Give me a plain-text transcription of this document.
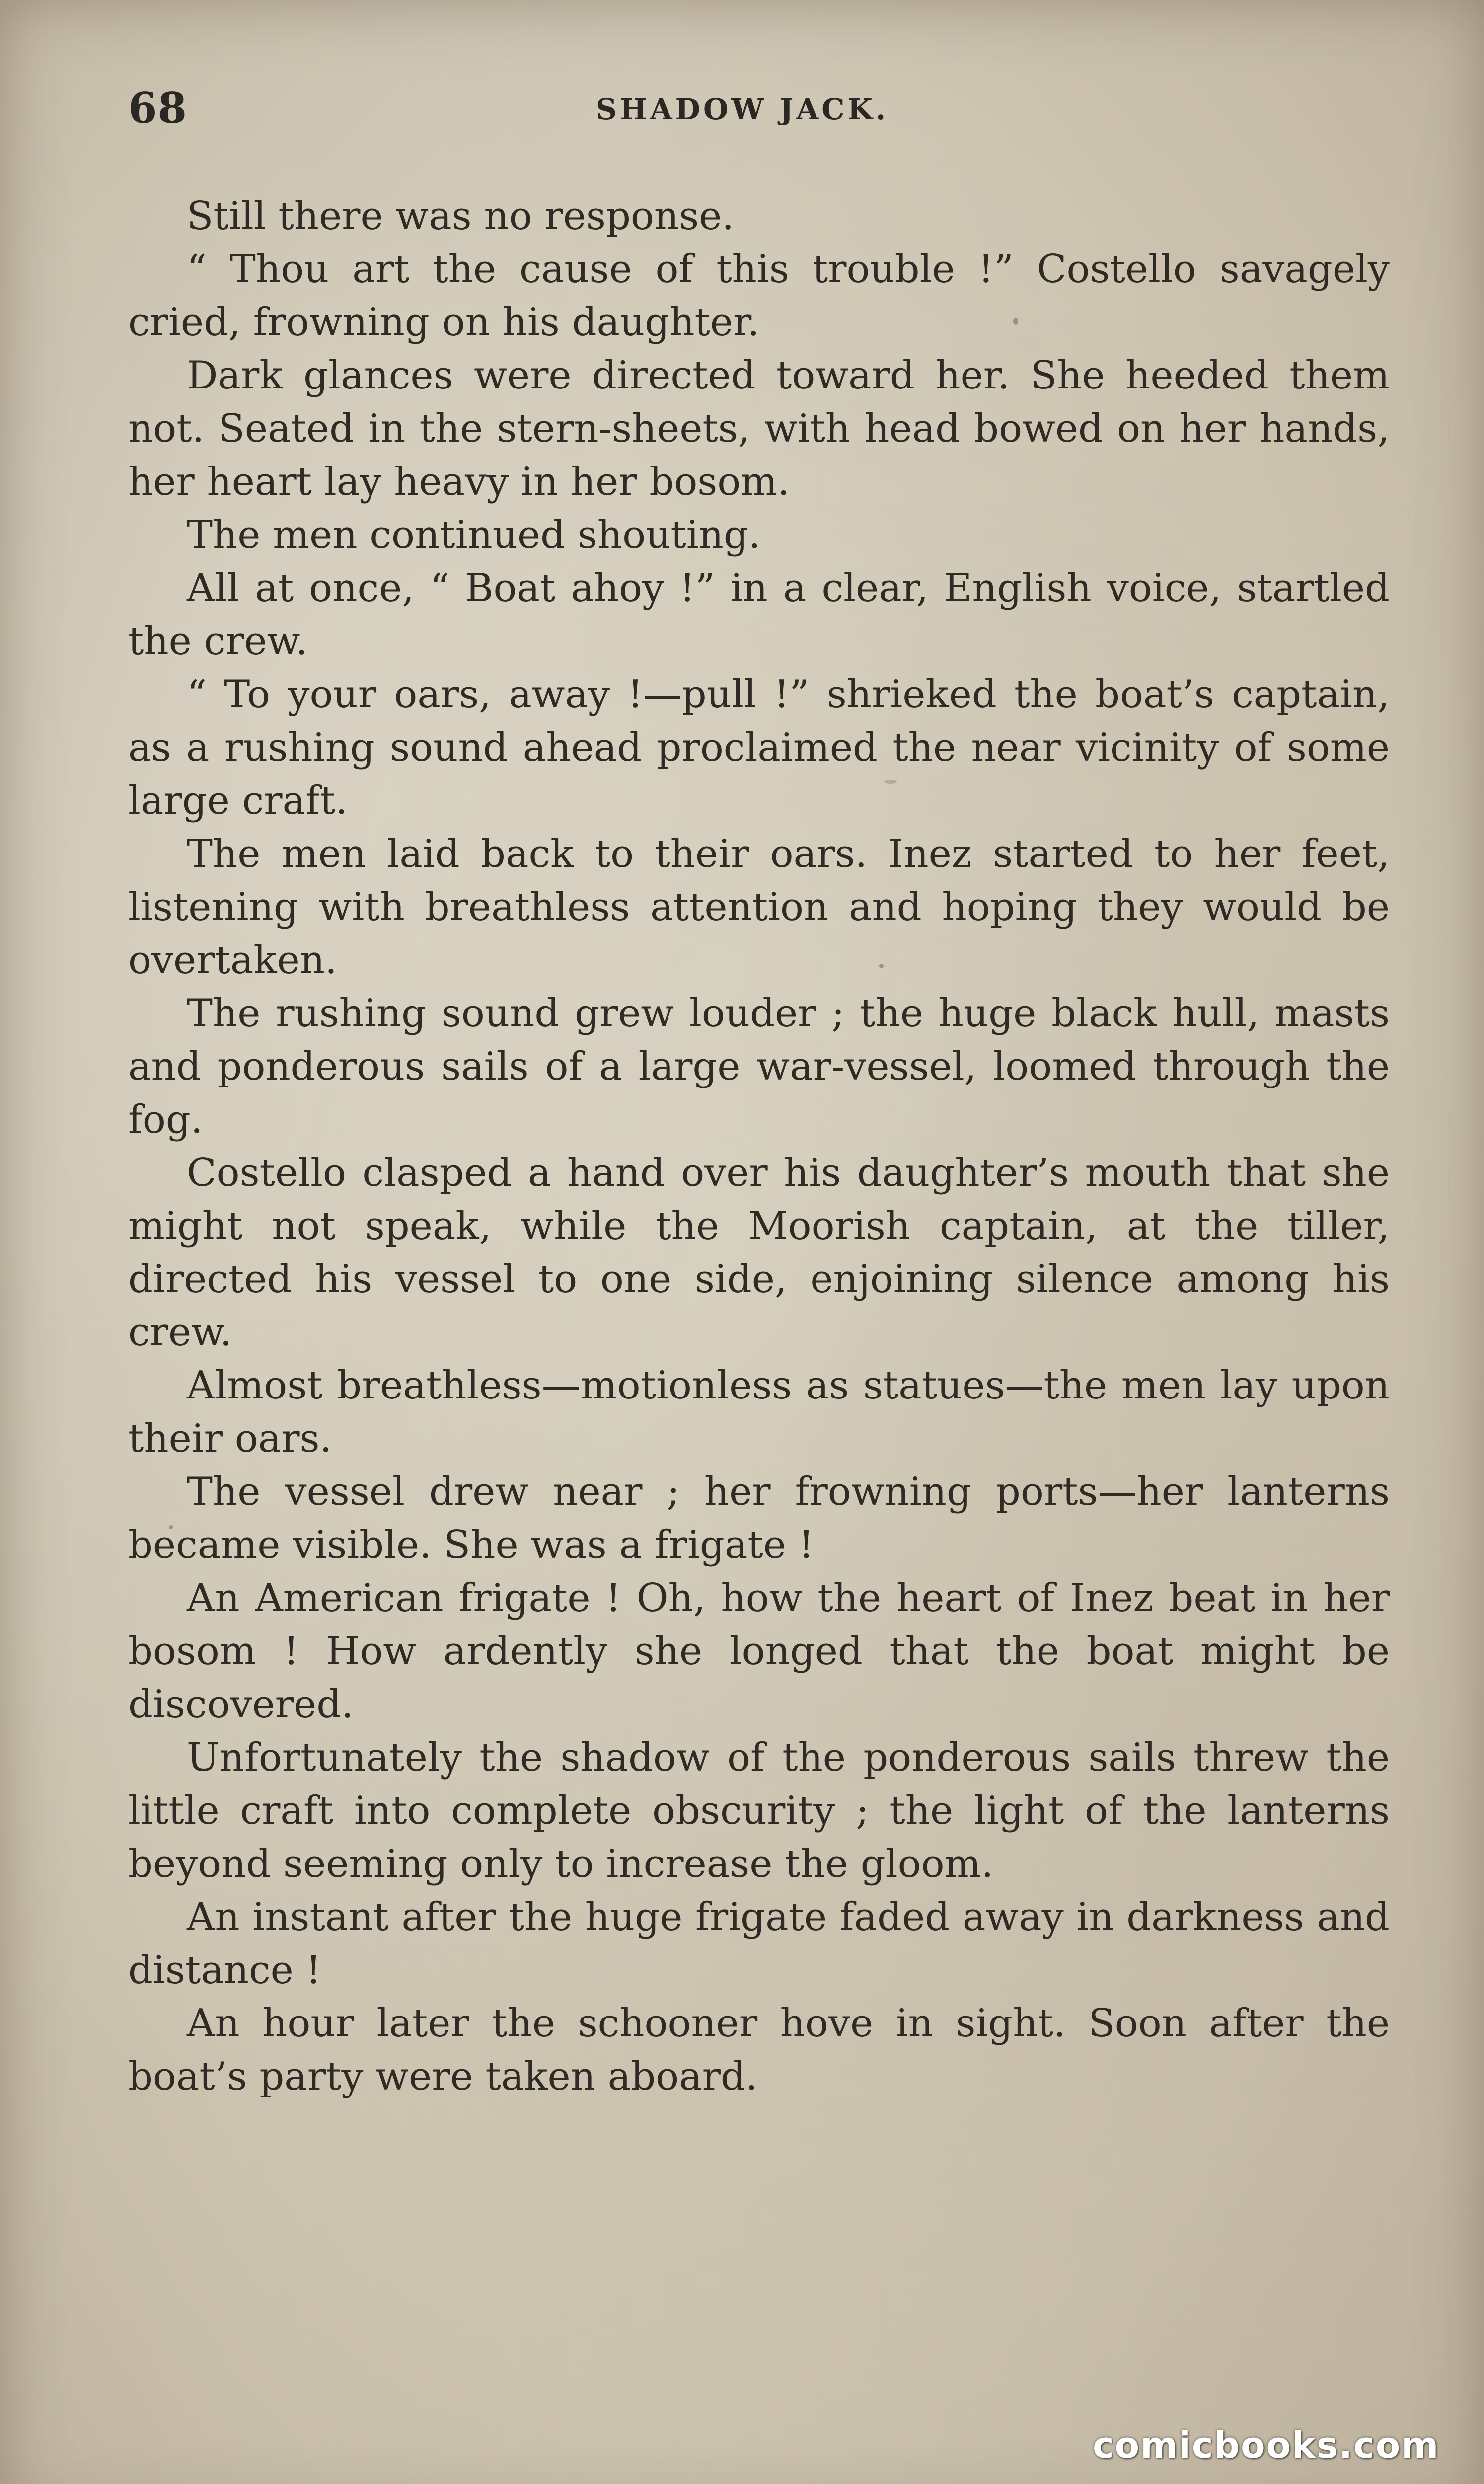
68	SHADOW JACK.

Still there was no response.

“ Thou art the cause of this trouble !” Costello savagely cried, frowning on his daughter.

Dark glances were directed toward her. She heeded them not. Seated in the stern-sheets, with head bowed on her hands, her heart lay heavy in her bosom.

The men continued shouting.

All at once, “ Boat ahoy !” in a clear, English voice, startled the crew.

“ To your oars, away !—pull !” shrieked the boat’s captain, as a rushing sound ahead proclaimed the near vicinity of some large craft.

The men laid back to their oars. Inez started to her feet, listening with breathless attention and hoping they would be overtaken.

The rushing sound grew louder ; the huge black hull, masts and ponderous sails of a large war-vessel, loomed through the fog.

Costello clasped a hand over his daughter’s mouth that she might not speak, while the Moorish captain, at the tiller, directed his vessel to one side, enjoining silence among his crew.

Almost breathless—motionless as statues—the men lay upon their oars.

The vessel drew near ; her frowning ports—her lanterns became visible. She was a frigate !

An American frigate ! Oh, how the heart of Inez beat in her bosom ! How ardently she longed that the boat might be discovered.

Unfortunately the shadow of the ponderous sails threw the little craft into complete obscurity ; the light of the lanterns beyond seeming only to increase the gloom.

An instant after the huge frigate faded away in darkness and distance !

An hour later the schooner hove in sight. Soon after the boat’s party were taken aboard.

comicbooks.com
